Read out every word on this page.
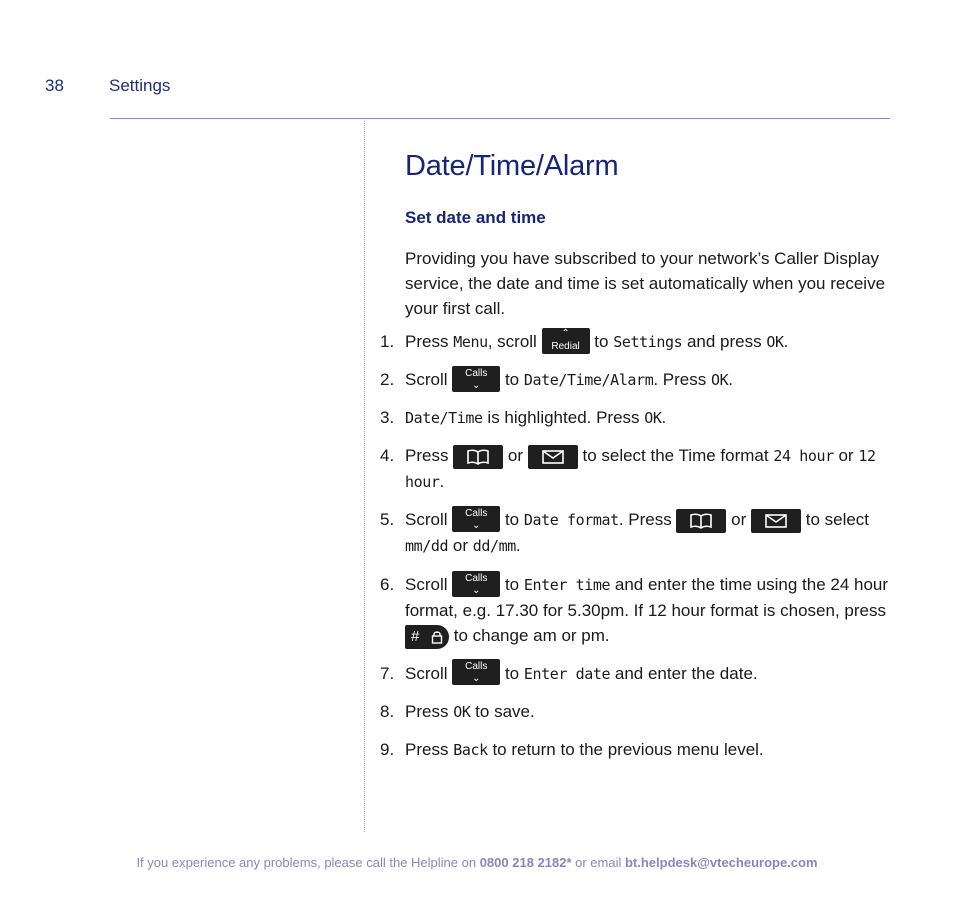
38	Settings
Date/Time/Alarm
Set date and time
Providing you have subscribed to your network’s Caller Display service, the date and time is set automatically when you receive your first call.
1. Press Menu, scroll	⌃
Redial to Settings and press OK.
2. Scroll	Calls
⌄	to Date/Time/Alarm. Press OK.
3. Date/Time is highlighted. Press OK.
4. Press	or	to select the Time format 24 hour or 12 hour.
5. Scroll	Calls
⌄	to Date format. Press	or	to select mm/dd or dd/mm.
6. Scroll	Calls
⌄	to Enter time and enter the time using the 24 hour format, e.g. 17.30 for 5.30pm. If 12 hour format is chosen, press
# to change am or pm.
7. Scroll	Calls
⌄	to Enter date and enter the date.
8. Press OK to save.
9. Press Back to return to the previous menu level.
If you experience any problems, please call the Helpline on 0800 218 2182* or email bt.helpdesk@vtecheurope.com
